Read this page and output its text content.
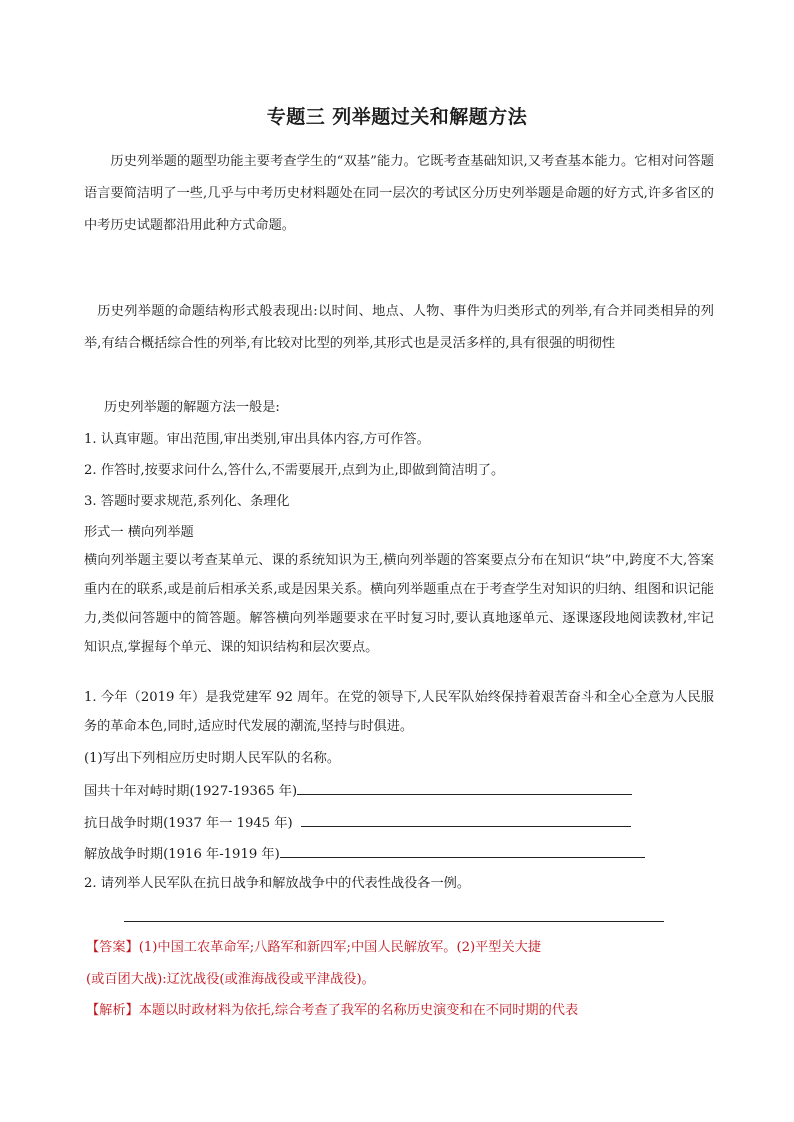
专题三 列举题过关和解题方法

历史列举题的题型功能主要考查学生的“双基”能力。它既考查基础知识,又考查基本能力。它相对问答题语言要简洁明了一些,几乎与中考历史材料题处在同一层次的考试区分历史列举题是命题的好方式,许多省区的中考历史试题都沿用此种方式命题。

历史列举题的命题结构形式般表现出:以时间、地点、人物、事件为归类形式的列举,有合并同类相异的列举,有结合概括综合性的列举,有比较对比型的列举,其形式也是灵活多样的,具有很强的明彻性

历史列举题的解题方法一般是:

1. 认真审题。审出范围,审出类别,审出具体内容,方可作答。

2. 作答时,按要求问什么,答什么,不需要展开,点到为止,即做到简洁明了。

3. 答题时要求规范,系列化、条理化

形式一 横向列举题

横向列举题主要以考查某单元、课的系统知识为王,横向列举题的答案要点分布在知识“块”中,跨度不大,答案重内在的联系,或是前后相承关系,或是因果关系。横向列举题重点在于考查学生对知识的归纳、组图和识记能力,类似问答题中的简答题。解答横向列举题要求在平时复习时,要认真地逐单元、逐课逐段地阅读教材,牢记知识点,掌握每个单元、课的知识结构和层次要点。

1. 今年（2019 年）是我党建军 92 周年。在党的领导下,人民军队始终保持着艰苦奋斗和全心全意为人民服务的革命本色,同时,适应时代发展的潮流,坚持与时俱进。

(1)写出下列相应历史时期人民军队的名称。

国共十年对峙时期(1927-19365 年)

抗日战争时期(1937 年一 1945 年)

解放战争时期(1916 年-1919 年)

2. 请列举人民军队在抗日战争和解放战争中的代表性战役各一例。

【答案】(1)中国工农革命军;八路军和新四军;中国人民解放军。(2)平型关大捷

(或百团大战):辽沈战役(或淮海战役或平津战役)。

【解析】本题以时政材料为依托,综合考查了我军的名称历史演变和在不同时期的代表
